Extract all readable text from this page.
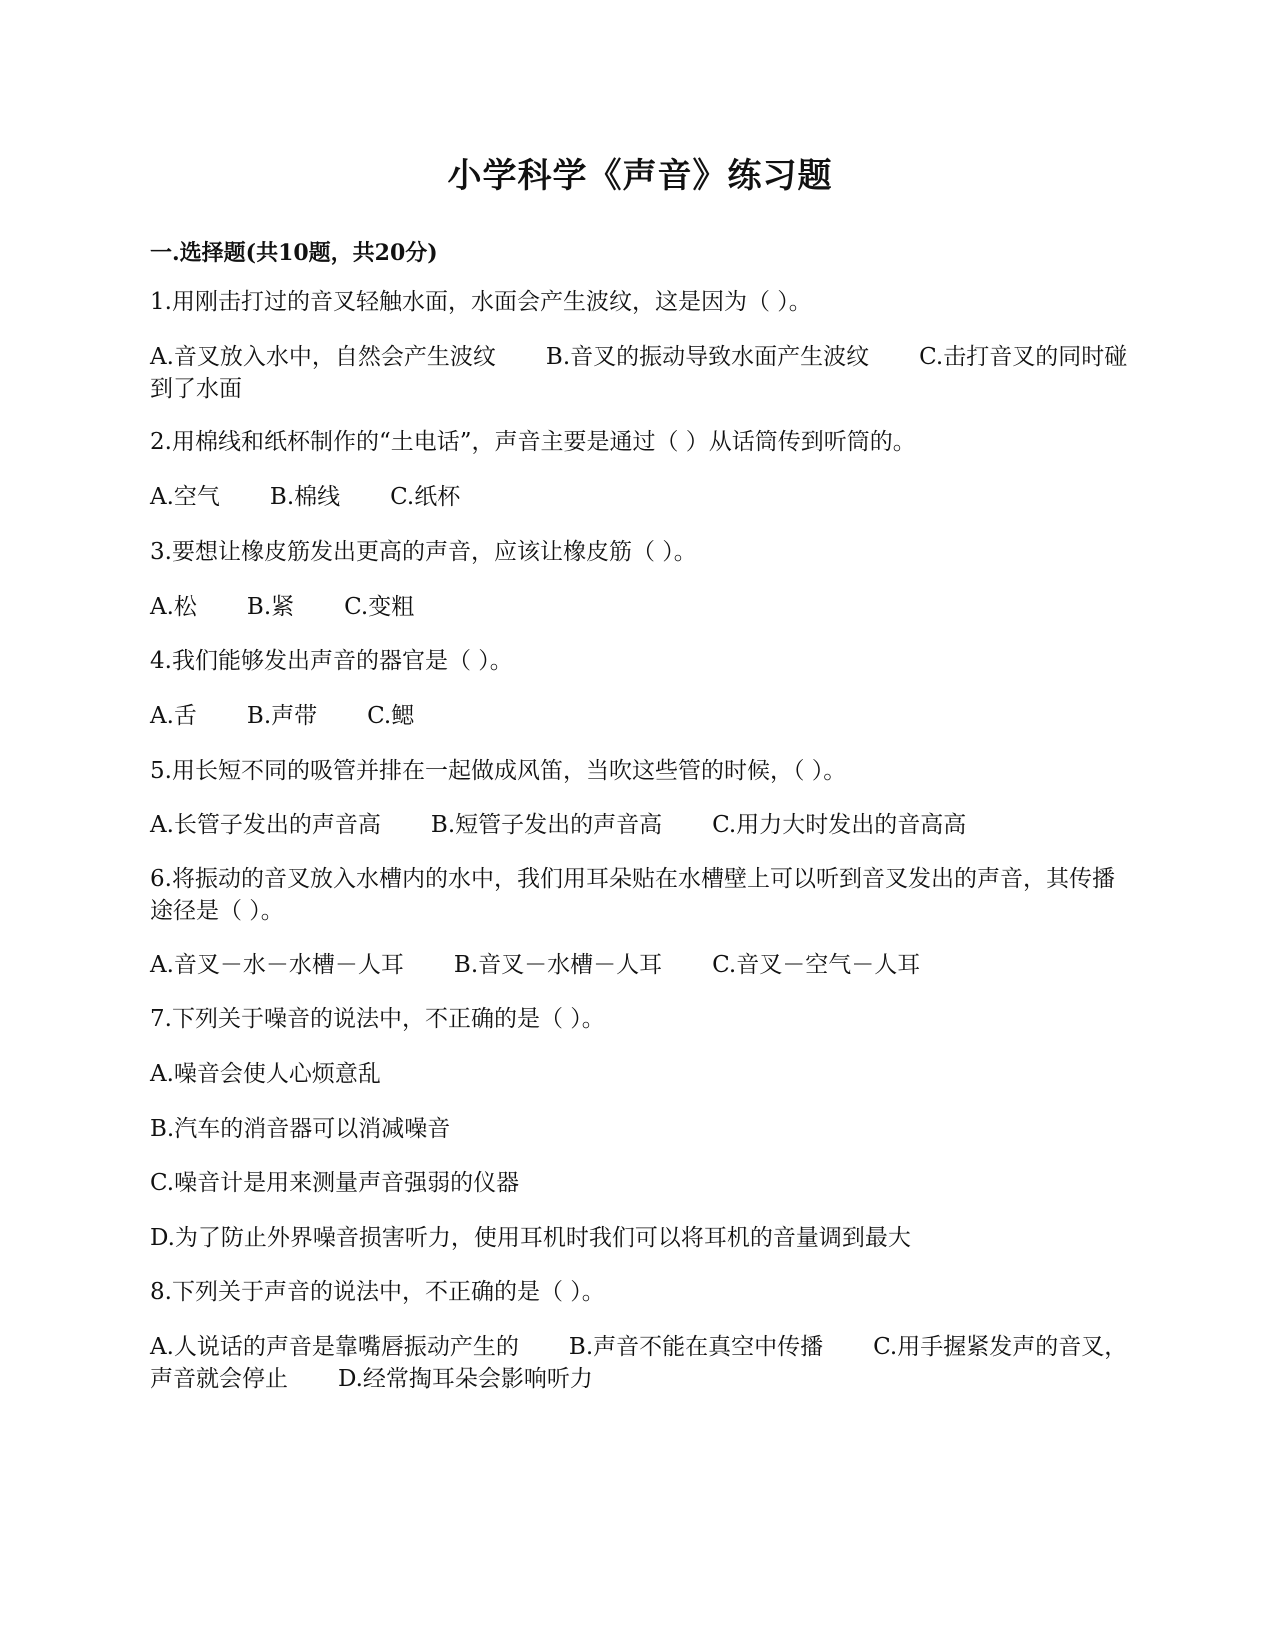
小学科学《声音》练习题
一.选择题(共10题，共20分)

1.用刚击打过的音叉轻触水面，水面会产生波纹，这是因为（ ）。

A.音叉放入水中，自然会产生波纹 B.音叉的振动导致水面产生波纹 C.击打音叉的同时碰到了水面

2.用棉线和纸杯制作的“土电话”，声音主要是通过（ ）从话筒传到听筒的。

A.空气 B.棉线 C.纸杯

3.要想让橡皮筋发出更高的声音，应该让橡皮筋（ ）。

A.松 B.紧 C.变粗

4.我们能够发出声音的器官是（ ）。

A.舌 B.声带 C.鳃

5.用长短不同的吸管并排在一起做成风笛，当吹这些管的时候，（ ）。

A.长管子发出的声音高 B.短管子发出的声音高 C.用力大时发出的音高高

6.将振动的音叉放入水槽内的水中，我们用耳朵贴在水槽壁上可以听到音叉发出的声音，其传播途径是（ ）。

A.音叉－水－水槽－人耳 B.音叉－水槽－人耳 C.音叉－空气－人耳

7.下列关于噪音的说法中，不正确的是（ ）。

A.噪音会使人心烦意乱

B.汽车的消音器可以消减噪音

C.噪音计是用来测量声音强弱的仪器

D.为了防止外界噪音损害听力，使用耳机时我们可以将耳机的音量调到最大

8.下列关于声音的说法中，不正确的是（ ）。

A.人说话的声音是靠嘴唇振动产生的 B.声音不能在真空中传播 C.用手握紧发声的音叉，声音就会停止 D.经常掏耳朵会影响听力
